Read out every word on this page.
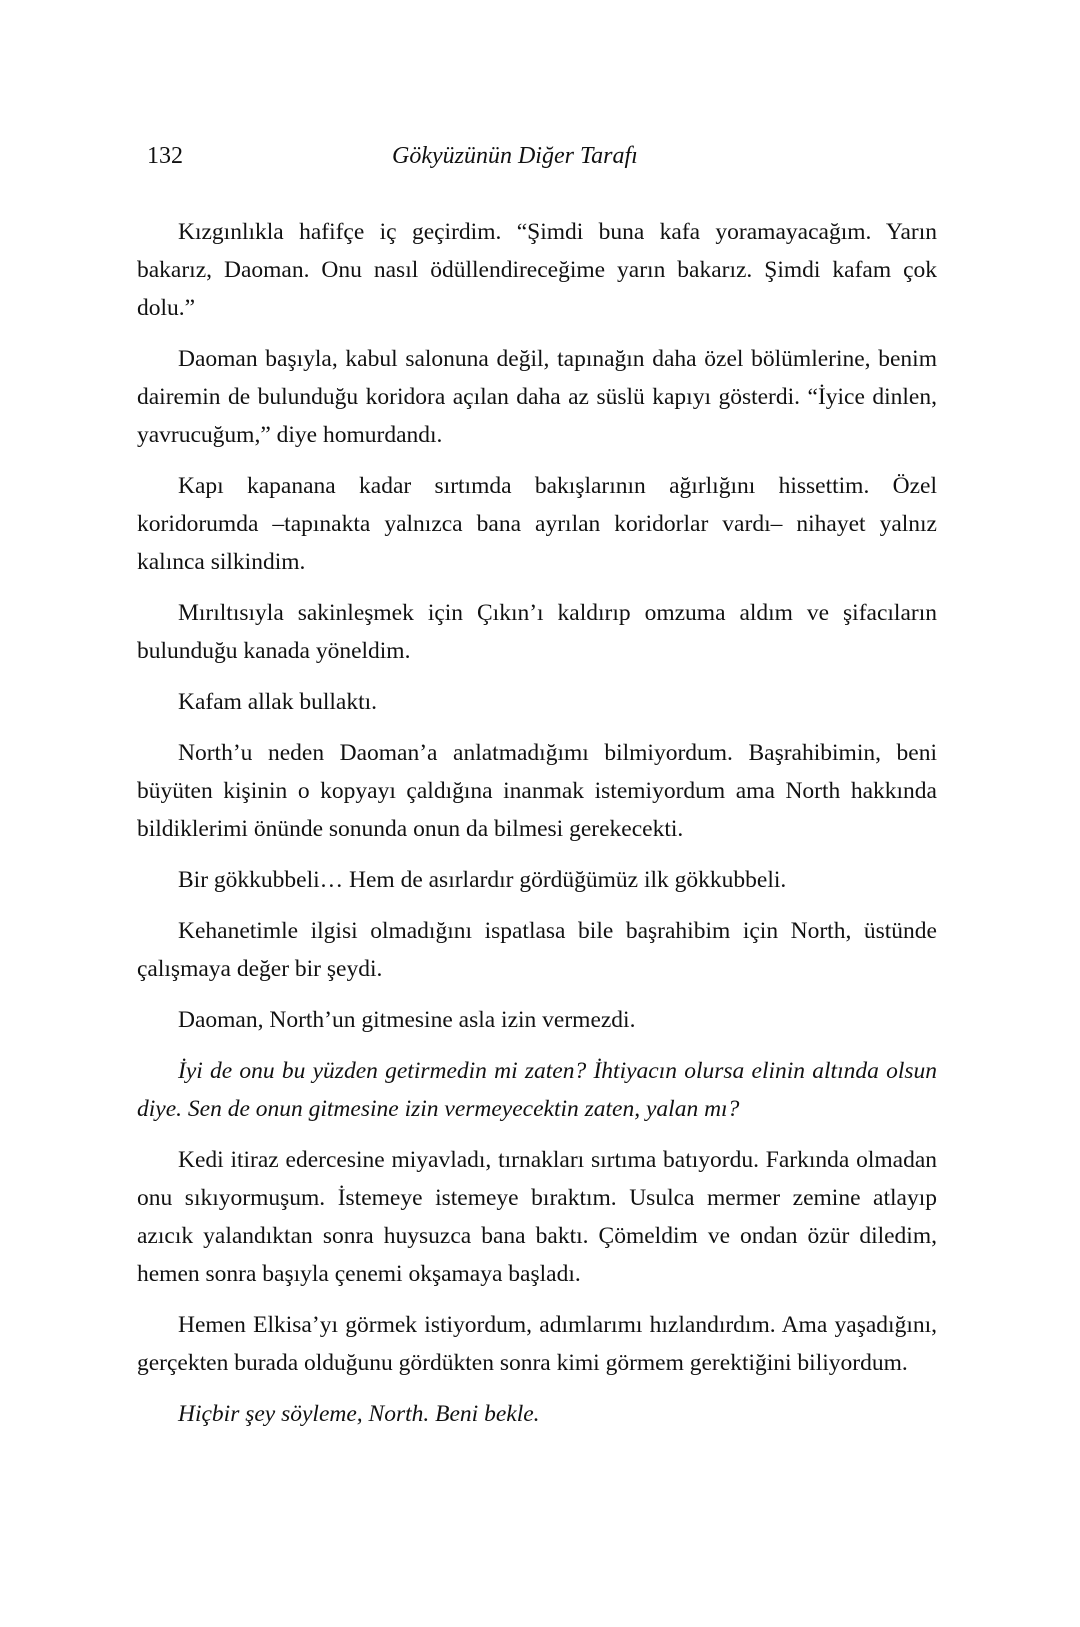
132	Gökyüzünün Diğer Tarafı

Kızgınlıkla hafifçe iç geçirdim. “Şimdi buna kafa yoramayacağım. Yarın bakarız, Daoman. Onu nasıl ödüllendireceğime yarın bakarız. Şimdi kafam çok dolu.”

Daoman başıyla, kabul salonuna değil, tapınağın daha özel bölümlerine, benim dairemin de bulunduğu koridora açılan daha az süslü kapıyı gösterdi. “İyice dinlen, yavrucuğum,” diye homurdandı.

Kapı kapanana kadar sırtımda bakışlarının ağırlığını hissettim. Özel koridorumda –tapınakta yalnızca bana ayrılan koridorlar vardı– nihayet yalnız kalınca silkindim.

Mırıltısıyla sakinleşmek için Çıkın’ı kaldırıp omzuma aldım ve şifacıların bulunduğu kanada yöneldim.

Kafam allak bullaktı.

North’u neden Daoman’a anlatmadığımı bilmiyordum. Başrahibimin, beni büyüten kişinin o kopyayı çaldığına inanmak istemiyordum ama North hakkında bildiklerimi önünde sonunda onun da bilmesi gerekecekti.

Bir gökkubbeli… Hem de asırlardır gördüğümüz ilk gökkubbeli.

Kehanetimle ilgisi olmadığını ispatlasa bile başrahibim için North, üstünde çalışmaya değer bir şeydi.

Daoman, North’un gitmesine asla izin vermezdi.

İyi de onu bu yüzden getirmedin mi zaten? İhtiyacın olursa elinin altında olsun diye. Sen de onun gitmesine izin vermeyecektin zaten, yalan mı?

Kedi itiraz edercesine miyavladı, tırnakları sırtıma batıyordu. Farkında olmadan onu sıkıyormuşum. İstemeye istemeye bıraktım. Usulca mermer zemine atlayıp azıcık yalandıktan sonra huysuzca bana baktı. Çömeldim ve ondan özür diledim, hemen sonra başıyla çenemi okşamaya başladı.

Hemen Elkisa’yı görmek istiyordum, adımlarımı hızlandırdım. Ama yaşadığını, gerçekten burada olduğunu gördükten sonra kimi görmem gerektiğini biliyordum.

Hiçbir şey söyleme, North. Beni bekle.
